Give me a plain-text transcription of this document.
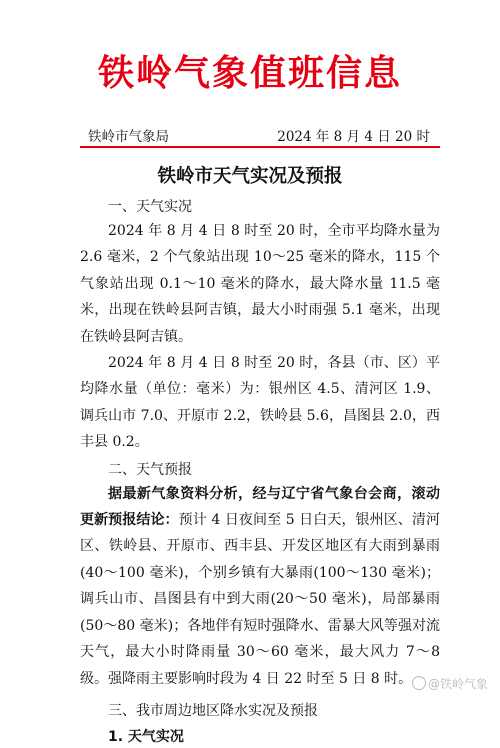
铁岭气象值班信息
铁岭市气象局	2024 年 8 月 4 日 20 时
铁岭市天气实况及预报

一、天气实况

2024 年 8 月 4 日 8 时至 20 时，全市平均降水量为 2.6 毫米，2 个气象站出现 10～25 毫米的降水，115 个气象站出现 0.1～10 毫米的降水，最大降水量 11.5 毫米，出现在铁岭县阿吉镇，最大小时雨强 5.1 毫米，出现在铁岭县阿吉镇。

2024 年 8 月 4 日 8 时至 20 时，各县（市、区）平均降水量（单位：毫米）为：银州区 4.5、清河区 1.9、调兵山市 7.0、开原市 2.2，铁岭县 5.6，昌图县 2.0，西丰县 0.2。

二、天气预报

据最新气象资料分析，经与辽宁省气象台会商，滚动更新预报结论：预计 4 日夜间至 5 日白天，银州区、清河区、铁岭县、开原市、西丰县、开发区地区有大雨到暴雨(40～100 毫米)，个别乡镇有大暴雨(100～130 毫米)；调兵山市、昌图县有中到大雨(20～50 毫米)，局部暴雨(50～80 毫米)；各地伴有短时强降水、雷暴大风等强对流天气，最大小时降雨量 30～60 毫米，最大风力 7～8 级。强降雨主要影响时段为 4 日 22 时至 5 日 8 时。

三、我市周边地区降水实况及预报

1. 天气实况

@铁岭气象
